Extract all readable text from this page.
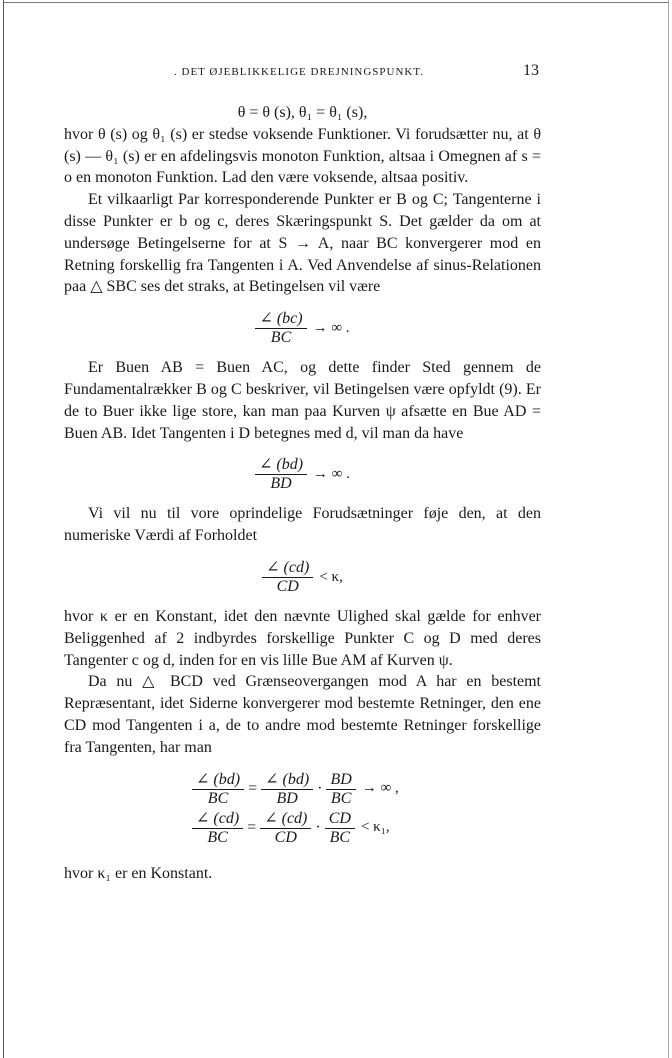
. DET ØJEBLIKKELIGE DREJNINGSPUNKT.	13

θ = θ (s), θ₁ = θ₁ (s),

hvor θ (s) og θ₁ (s) er stedse voksende Funktioner. Vi forudsætter nu, at θ (s) — θ₁ (s) er en afdelingsvis monoton Funktion, altsaa i Omegnen af s = o en monoton Funktion. Lad den være voksende, altsaa positiv.

Et vilkaarligt Par korresponderende Punkter er B og C; Tangenterne i disse Punkter er b og c, deres Skæringspunkt S. Det gælder da om at undersøge Betingelserne for at S → A, naar BC konvergerer mod en Retning forskellig fra Tangenten i A. Ved Anvendelse af sinus-Relationen paa △ SBC ses det straks, at Betingelsen vil være

$\frac{\angle (bc)}{BC}$ → ∞ .

Er Buen AB = Buen AC, og dette finder Sted gennem de Fundamentalrækker B og C beskriver, vil Betingelsen være opfyldt (9). Er de to Buer ikke lige store, kan man paa Kurven ψ afsætte en Bue AD = Buen AB. Idet Tangenten i D betegnes med d, vil man da have

$\frac{\angle (bd)}{BD}$ → ∞ .

Vi vil nu til vore oprindelige Forudsætninger føje den, at den numeriske Værdi af Forholdet

$\frac{\angle (cd)}{CD} < \kappa$,

hvor κ er en Konstant, idet den nævnte Ulighed skal gælde for enhver Beliggenhed af 2 indbyrdes forskellige Punkter C og D med deres Tangenter c og d, inden for en vis lille Bue AM af Kurven ψ.

Da nu △ BCD ved Grænseovergangen mod A har en bestemt Repræsentant, idet Siderne konvergerer mod bestemte Retninger, den ene CD mod Tangenten i a, de to andre mod bestemte Retninger forskellige fra Tangenten, har man

$\frac{\angle (bd)}{BC} = \frac{\angle (bd)}{BD} \cdot \frac{BD}{BC}$ → ∞ ,
$\frac{\angle (cd)}{BC} = \frac{\angle (cd)}{CD} \cdot \frac{CD}{BC} < \kappa_1$,

hvor κ₁ er en Konstant.
